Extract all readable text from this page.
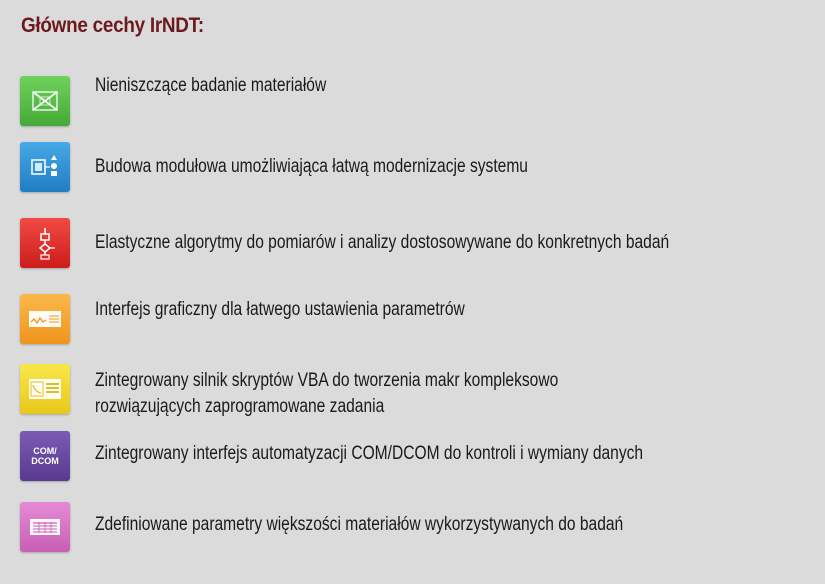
Główne cechy IrNDT:
Nieniszczące badanie materiałów
Budowa modułowa umożliwiająca łatwą modernizacje systemu
Elastyczne algorytmy do pomiarów i analizy dostosowywane do konkretnych badań
Interfejs graficzny dla łatwego ustawienia parametrów
Zintegrowany silnik skryptów VBA do tworzenia makr kompleksowo
rozwiązujących zaprogramowane zadania
COM/
DCOM Zintegrowany interfejs automatyzacji COM/DCOM do kontroli i wymiany danych
Zdefiniowane parametry większości materiałów wykorzystywanych do badań
